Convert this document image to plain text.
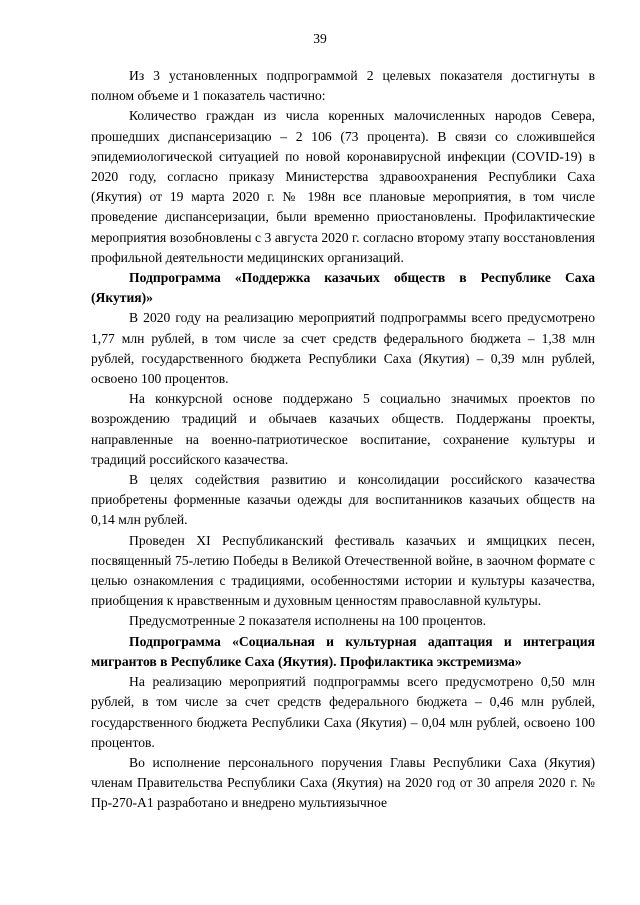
39

Из 3 установленных подпрограммой 2 целевых показателя достигнуты в полном объеме и 1 показатель частично:

Количество граждан из числа коренных малочисленных народов Севера, прошедших диспансеризацию – 2 106 (73 процента). В связи со сложившейся эпидемиологической ситуацией по новой коронавирусной инфекции (COVID-19) в 2020 году, согласно приказу Министерства здравоохранения Республики Саха (Якутия) от 19 марта 2020 г. № 198н все плановые мероприятия, в том числе проведение диспансеризации, были временно приостановлены. Профилактические мероприятия возобновлены с 3 августа 2020 г. согласно второму этапу восстановления профильной деятельности медицинских организаций.

Подпрограмма «Поддержка казачьих обществ в Республике Саха (Якутия)»

В 2020 году на реализацию мероприятий подпрограммы всего предусмотрено 1,77 млн рублей, в том числе за счет средств федерального бюджета – 1,38 млн рублей, государственного бюджета Республики Саха (Якутия) – 0,39 млн рублей, освоено 100 процентов.

На конкурсной основе поддержано 5 социально значимых проектов по возрождению традиций и обычаев казачьих обществ. Поддержаны проекты, направленные на военно-патриотическое воспитание, сохранение культуры и традиций российского казачества.

В целях содействия развитию и консолидации российского казачества приобретены форменные казачьи одежды для воспитанников казачьих обществ на 0,14 млн рублей.

Проведен XI Республиканский фестиваль казачьих и ямщицких песен, посвященный 75-летию Победы в Великой Отечественной войне, в заочном формате с целью ознакомления с традициями, особенностями истории и культуры казачества, приобщения к нравственным и духовным ценностям православной культуры.

Предусмотренные 2 показателя исполнены на 100 процентов.

Подпрограмма «Социальная и культурная адаптация и интеграция мигрантов в Республике Саха (Якутия). Профилактика экстремизма»

На реализацию мероприятий подпрограммы всего предусмотрено 0,50 млн рублей, в том числе за счет средств федерального бюджета – 0,46 млн рублей, государственного бюджета Республики Саха (Якутия) – 0,04 млн рублей, освоено 100 процентов.

Во исполнение персонального поручения Главы Республики Саха (Якутия) членам Правительства Республики Саха (Якутия) на 2020 год от 30 апреля 2020 г. № Пр-270-А1 разработано и внедрено мультиязычное
